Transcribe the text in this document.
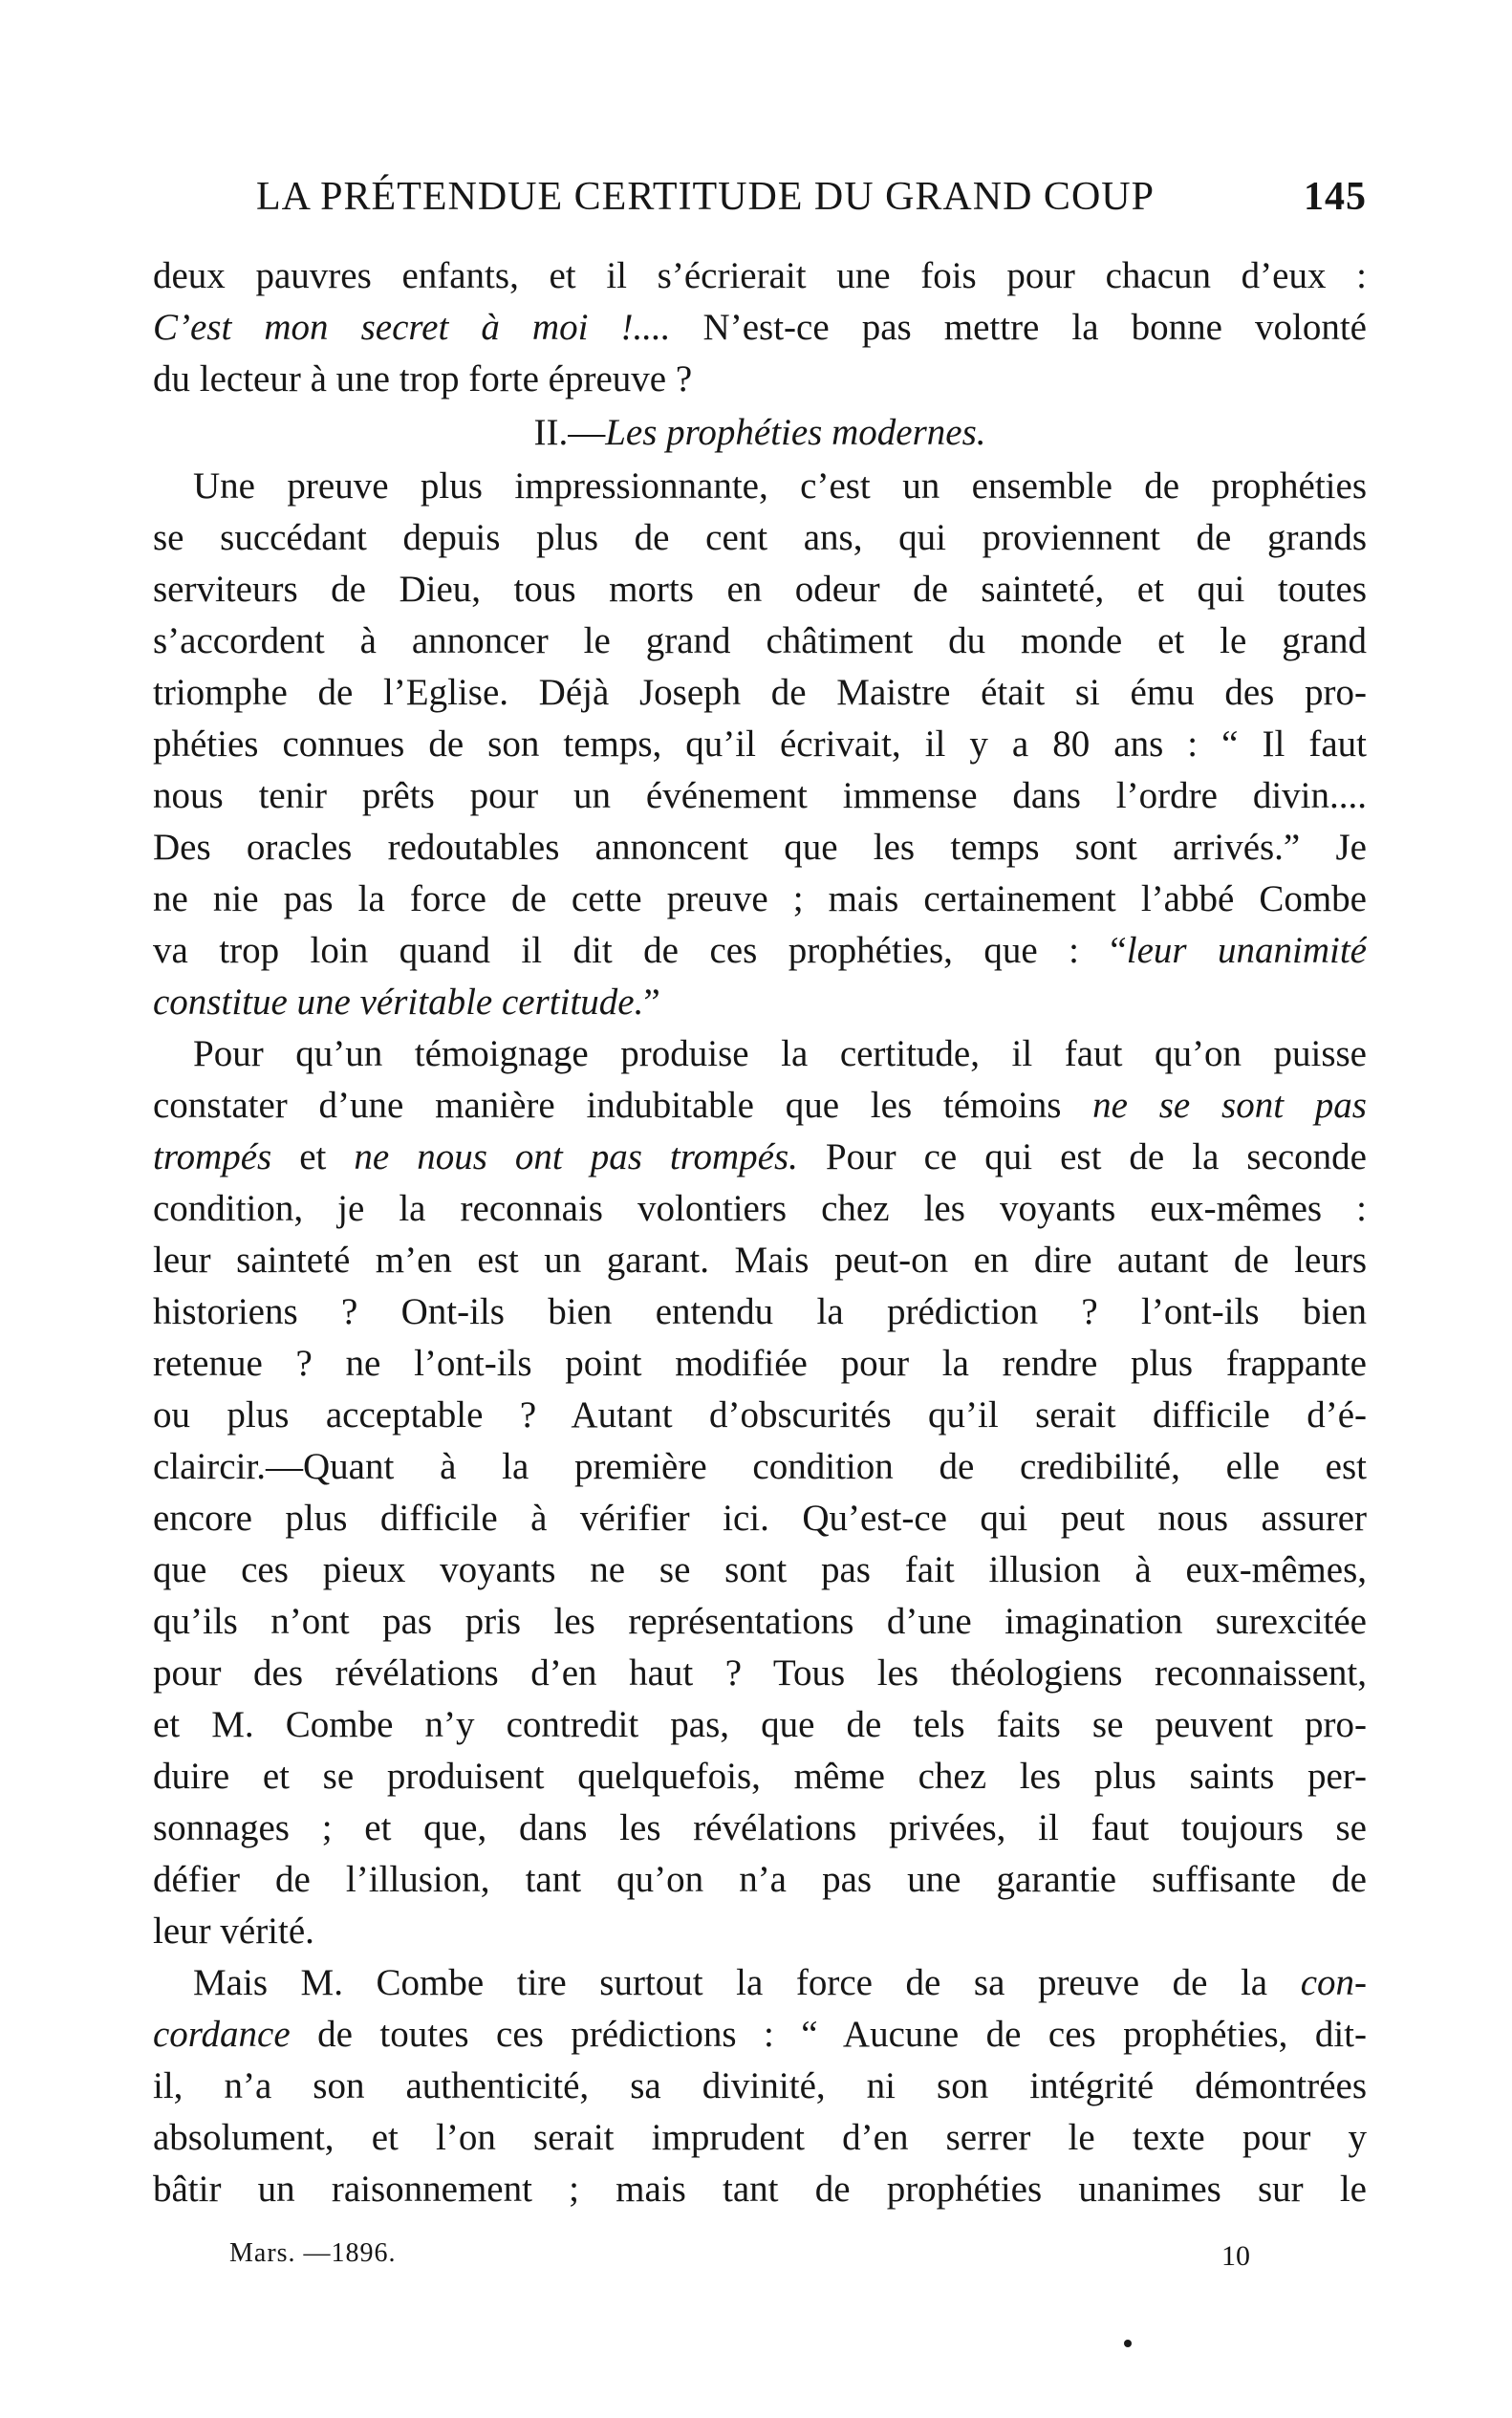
LA PRÉTENDUE CERTITUDE DU GRAND COUP	145
deux pauvres enfants, et il s’écrierait une fois pour chacun d’eux :
C’est mon secret à moi !.... N’est-ce pas mettre la bonne volonté
du lecteur à une trop forte épreuve ?
II.—Les prophéties modernes.
Une preuve plus impressionnante, c’est un ensemble de prophéties
se succédant depuis plus de cent ans, qui proviennent de grands
serviteurs de Dieu, tous morts en odeur de sainteté, et qui toutes
s’accordent à annoncer le grand châtiment du monde et le grand
triomphe de l’Eglise. Déjà Joseph de Maistre était si ému des pro-
phéties connues de son temps, qu’il écrivait, il y a 80 ans : “ Il faut
nous tenir prêts pour un événement immense dans l’ordre divin....
Des oracles redoutables annoncent que les temps sont arrivés.” Je
ne nie pas la force de cette preuve ; mais certainement l’abbé Combe
va trop loin quand il dit de ces prophéties, que : “leur unanimité
constitue une véritable certitude.”
Pour qu’un témoignage produise la certitude, il faut qu’on puisse
constater d’une manière indubitable que les témoins ne se sont pas
trompés et ne nous ont pas trompés. Pour ce qui est de la seconde
condition, je la reconnais volontiers chez les voyants eux-mêmes :
leur sainteté m’en est un garant. Mais peut-on en dire autant de leurs
historiens ? Ont-ils bien entendu la prédiction ? l’ont-ils bien
retenue ? ne l’ont-ils point modifiée pour la rendre plus frappante
ou plus acceptable ? Autant d’obscurités qu’il serait difficile d’é-
claircir.—Quant à la première condition de credibilité, elle est
encore plus difficile à vérifier ici. Qu’est-ce qui peut nous assurer
que ces pieux voyants ne se sont pas fait illusion à eux-mêmes,
qu’ils n’ont pas pris les représentations d’une imagination surexcitée
pour des révélations d’en haut ? Tous les théologiens reconnaissent,
et M. Combe n’y contredit pas, que de tels faits se peuvent pro-
duire et se produisent quelquefois, même chez les plus saints per-
sonnages ; et que, dans les révélations privées, il faut toujours se
défier de l’illusion, tant qu’on n’a pas une garantie suffisante de
leur vérité.
Mais M. Combe tire surtout la force de sa preuve de la con-
cordance de toutes ces prédictions : “ Aucune de ces prophéties, dit-
il, n’a son authenticité, sa divinité, ni son intégrité démontrées
absolument, et l’on serait imprudent d’en serrer le texte pour y
bâtir un raisonnement ; mais tant de prophéties unanimes sur le
Mars. —1896.	10
